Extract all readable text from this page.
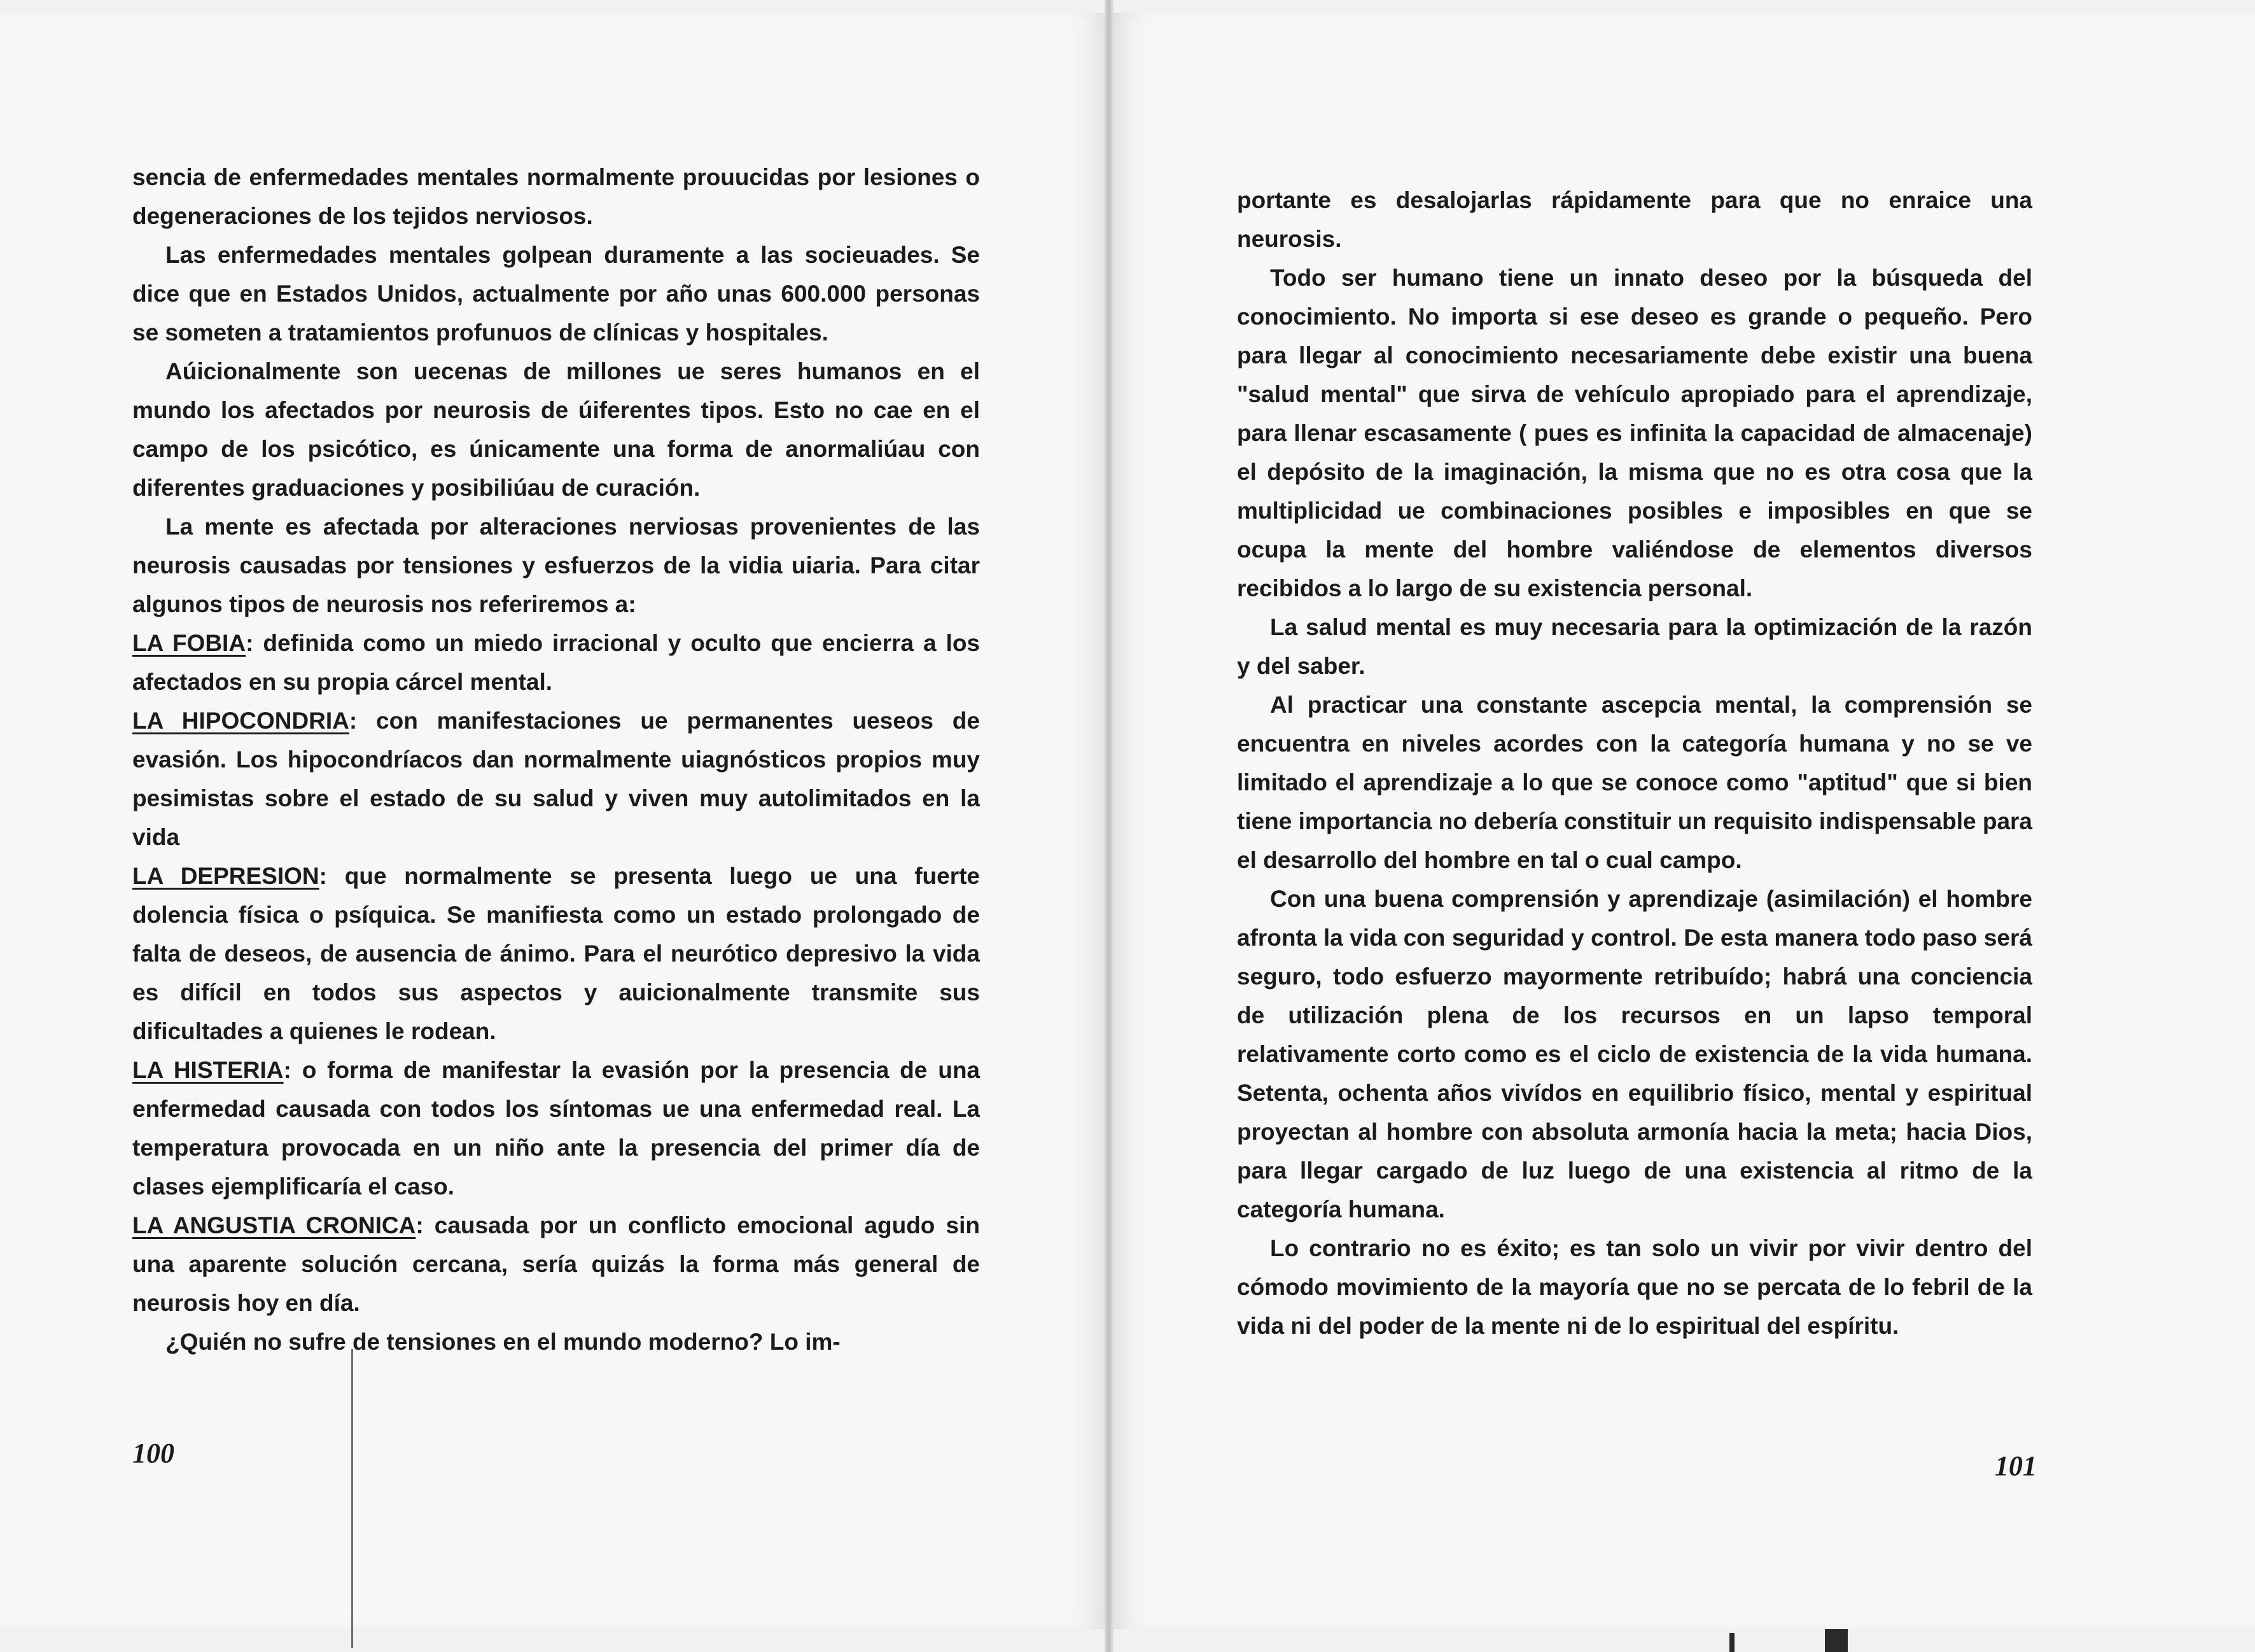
sencia de enfermedades mentales normalmente prouucidas por lesiones o degeneraciones de los tejidos nerviosos.

Las enfermedades mentales golpean duramente a las socieuades. Se dice que en Estados Unidos, actualmente por año unas 600.000 personas se someten a tratamientos profunuos de clínicas y hospitales.

Aúicionalmente son uecenas de millones ue seres humanos en el mundo los afectados por neurosis de úiferentes tipos. Esto no cae en el campo de los psicótico, es únicamente una forma de anormaliúau con diferentes graduaciones y posibiliúau de curación.

La mente es afectada por alteraciones nerviosas provenientes de las neurosis causadas por tensiones y esfuerzos de la vidia uiaria. Para citar algunos tipos de neurosis nos referiremos a:

LA FOBIA: definida como un miedo irracional y oculto que encierra a los afectados en su propia cárcel mental.

LA HIPOCONDRIA: con manifestaciones ue permanentes ueseos de evasión. Los hipocondríacos dan normalmente uiagnósticos propios muy pesimistas sobre el estado de su salud y viven muy autolimitados en la vida

LA DEPRESION: que normalmente se presenta luego ue una fuerte dolencia física o psíquica. Se manifiesta como un estado prolongado de falta de deseos, de ausencia de ánimo. Para el neurótico depresivo la vida es difícil en todos sus aspectos y auicionalmente transmite sus dificultades a quienes le rodean.

LA HISTERIA: o forma de manifestar la evasión por la presencia de una enfermedad causada con todos los síntomas ue una enfermedad real. La temperatura provocada en un niño ante la presencia del primer día de clases ejemplificaría el caso.

LA ANGUSTIA CRONICA: causada por un conflicto emocional agudo sin una aparente solución cercana, sería quizás la forma más general de neurosis hoy en día.

¿Quién no sufre de tensiones en el mundo moderno? Lo im-

100

portante es desalojarlas rápidamente para que no enraice una neurosis.

Todo ser humano tiene un innato deseo por la búsqueda del conocimiento. No importa si ese deseo es grande o pequeño. Pero para llegar al conocimiento necesariamente debe existir una buena "salud mental" que sirva de vehículo apropiado para el aprendizaje, para llenar escasamente ( pues es infinita la capacidad de almacenaje) el depósito de la imaginación, la misma que no es otra cosa que la multiplicidad ue combinaciones posibles e imposibles en que se ocupa la mente del hombre valiéndose de elementos diversos recibidos a lo largo de su existencia personal.

La salud mental es muy necesaria para la optimización de la razón y del saber.

Al practicar una constante ascepcia mental, la comprensión se encuentra en niveles acordes con la categoría humana y no se ve limitado el aprendizaje a lo que se conoce como "aptitud" que si bien tiene importancia no debería constituir un requisito indispensable para el desarrollo del hombre en tal o cual campo.

Con una buena comprensión y aprendizaje (asimilación) el hombre afronta la vida con seguridad y control. De esta manera todo paso será seguro, todo esfuerzo mayormente retribuído; habrá una conciencia de utilización plena de los recursos en un lapso temporal relativamente corto como es el ciclo de existencia de la vida humana. Setenta, ochenta años vivídos en equilibrio físico, mental y espiritual proyectan al hombre con absoluta armonía hacia la meta; hacia Dios, para llegar cargado de luz luego de una existencia al ritmo de la categoría humana.

Lo contrario no es éxito; es tan solo un vivir por vivir dentro del cómodo movimiento de la mayoría que no se percata de lo febril de la vida ni del poder de la mente ni de lo espiritual del espíritu.

101
